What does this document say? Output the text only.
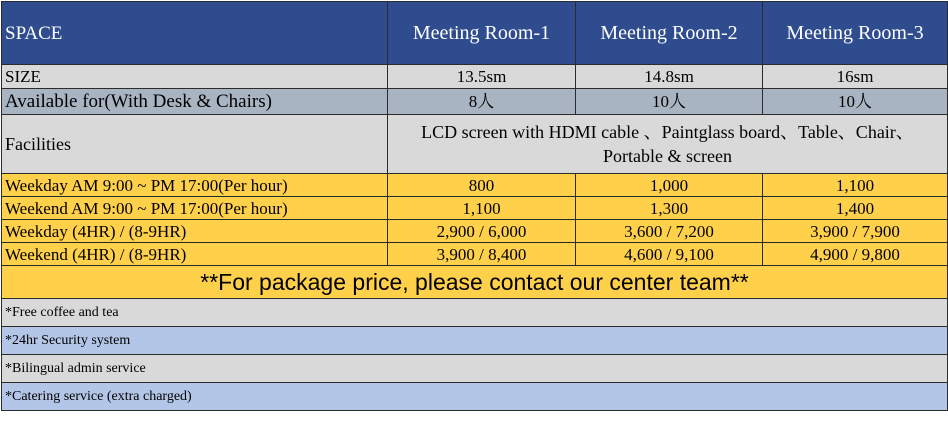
SPACE	Meeting Room-1	Meeting Room-2	Meeting Room-3
SIZE	13.5sm	14.8sm	16sm
Available for(With Desk & Chairs)	8人	10人	10人
Facilities	LCD screen with HDMI cable 、Paintglass board、Table、Chair、Portable & screen		
Weekday AM 9:00 ~ PM 17:00(Per hour)	800	1,000	1,100
Weekend AM 9:00 ~ PM 17:00(Per hour)	1,100	1,300	1,400
Weekday (4HR) / (8-9HR)	2,900 / 6,000	3,600 / 7,200	3,900 / 7,900
Weekend (4HR) / (8-9HR)	3,900 / 8,400	4,600 / 9,100	4,900 / 9,800
**For package price, please contact our center team**			
*Free coffee and tea			
*24hr Security system			
*Bilingual admin service			
*Catering service (extra charged)			
